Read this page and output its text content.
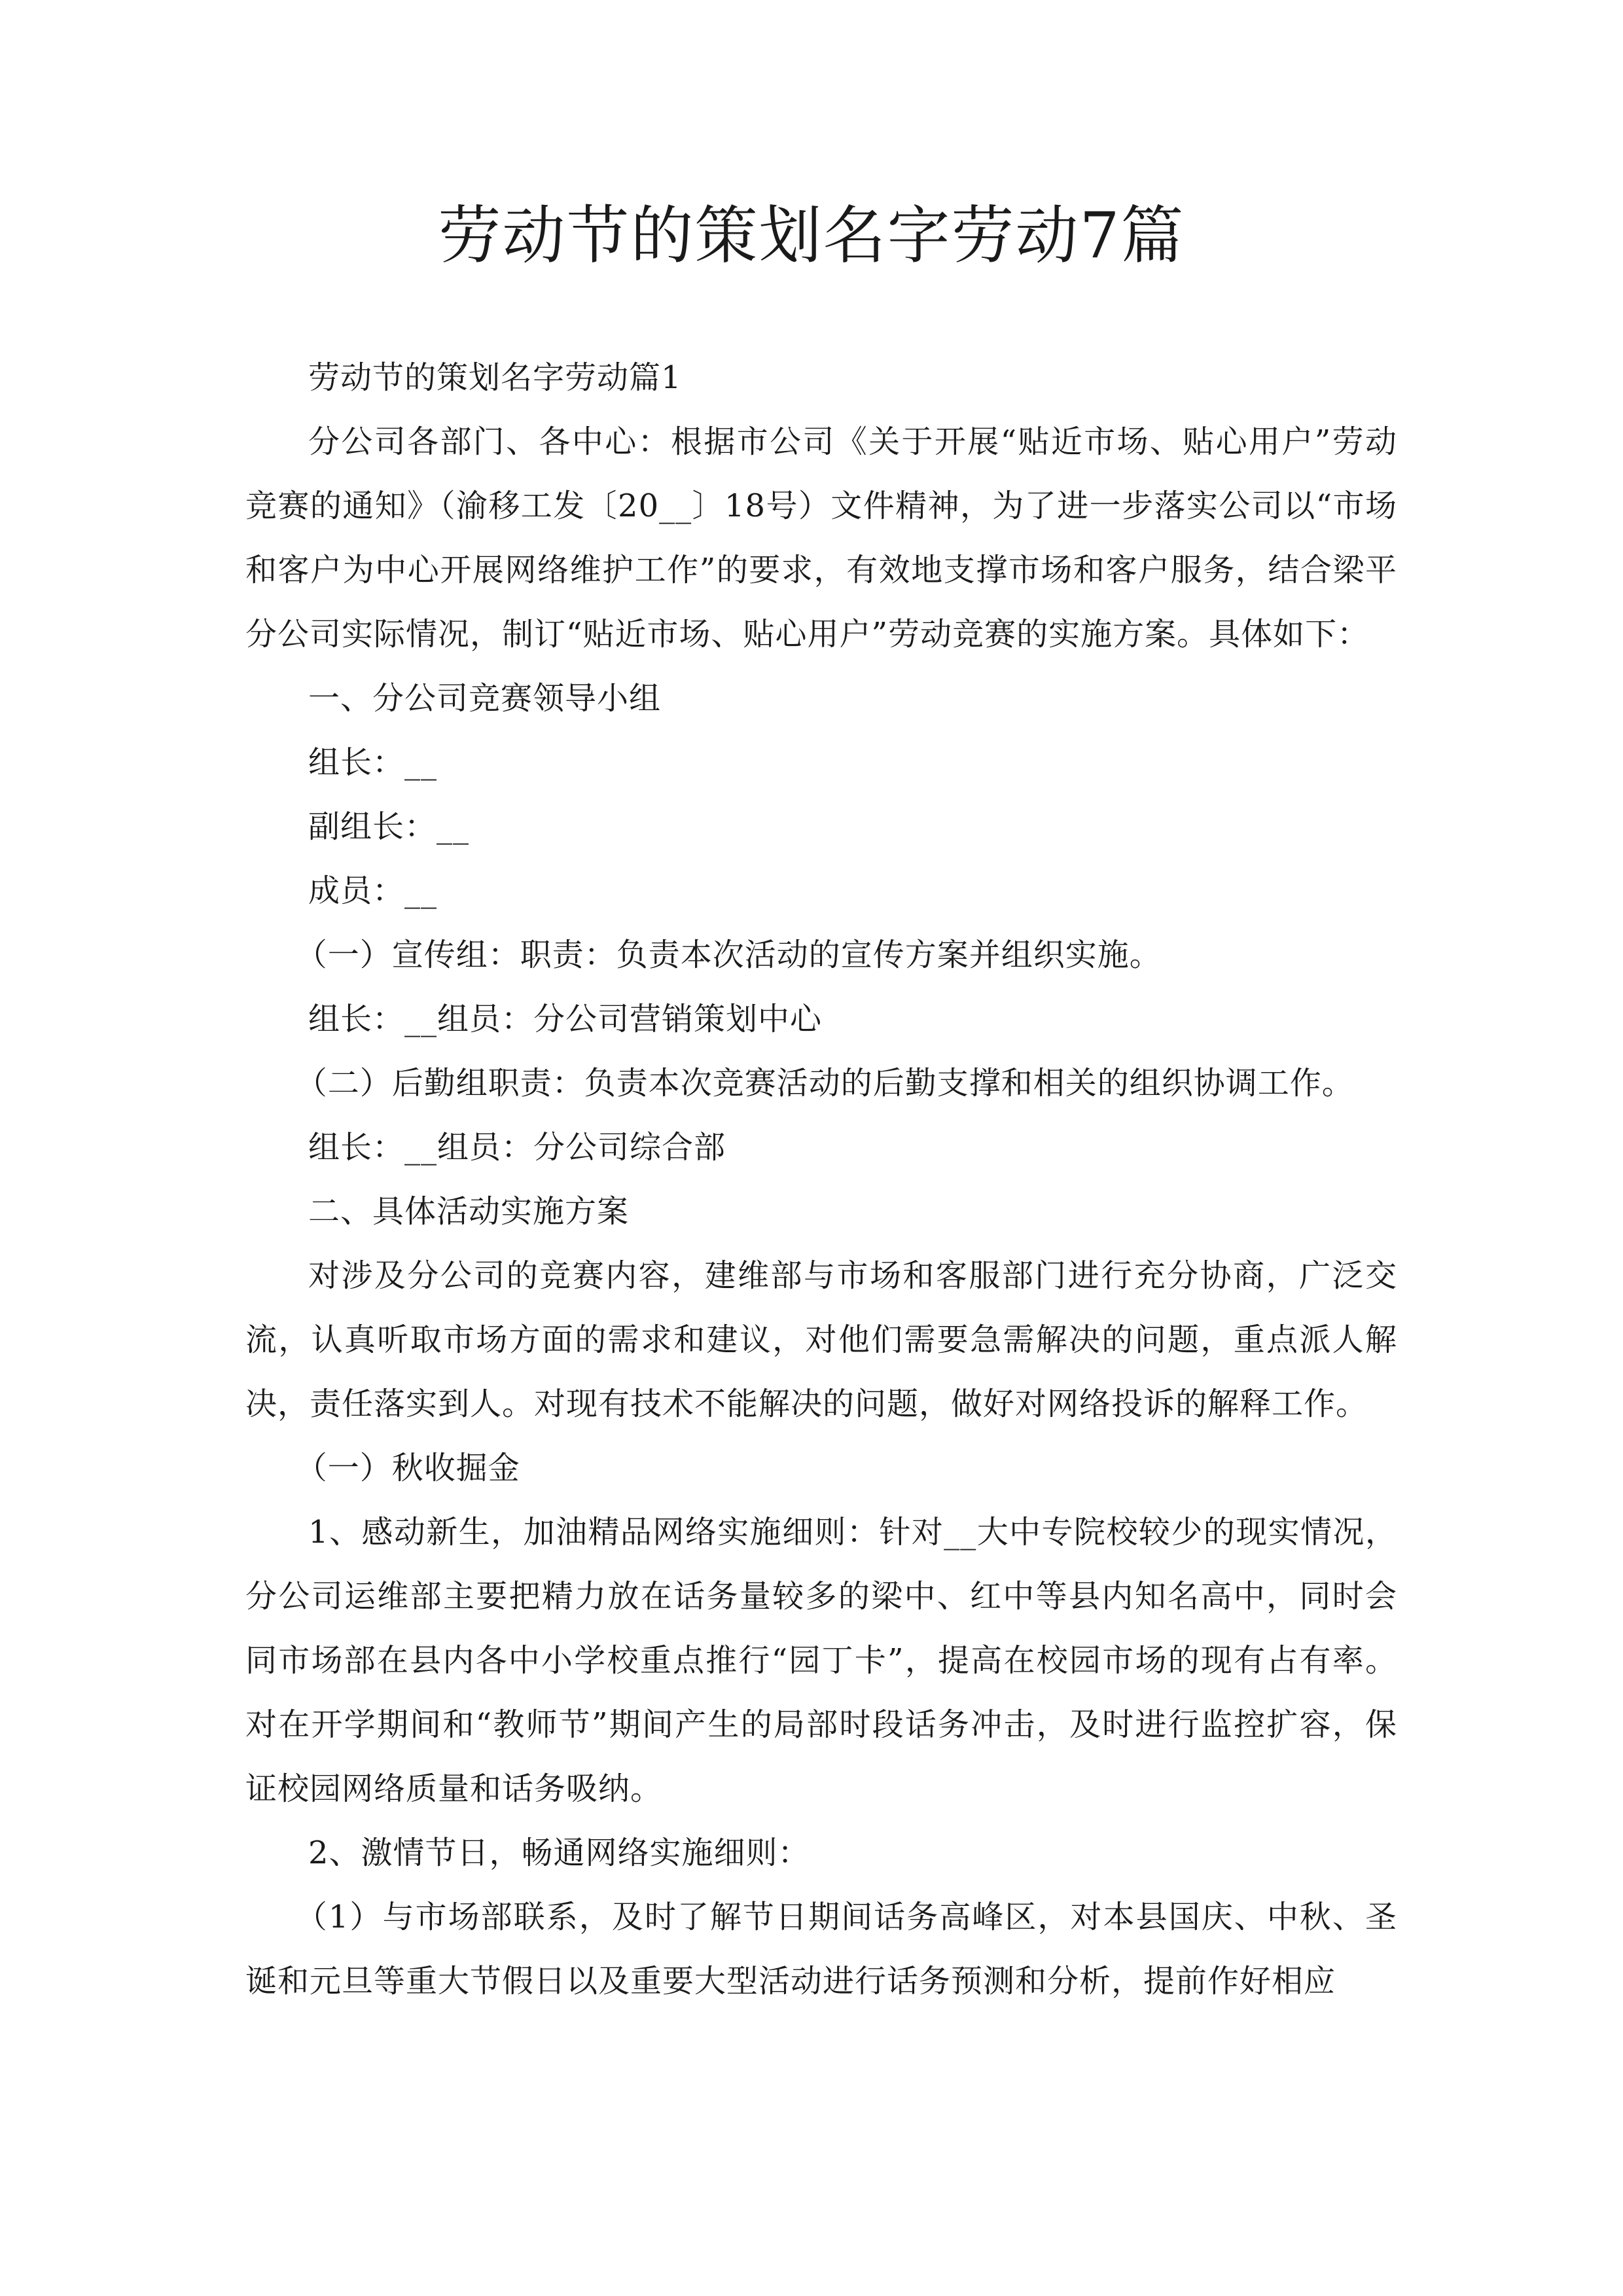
劳动节的策划名字劳动7篇

劳动节的策划名字劳动篇1

分公司各部门、各中心：根据市公司《关于开展“贴近市场、贴心用户”劳动竞赛的通知》（渝移工发〔20__〕18号）文件精神，为了进一步落实公司以“市场和客户为中心开展网络维护工作”的要求，有效地支撑市场和客户服务，结合梁平分公司实际情况，制订“贴近市场、贴心用户”劳动竞赛的实施方案。具体如下：

一、分公司竞赛领导小组

组长：__

副组长：__

成员：__

（一）宣传组：职责：负责本次活动的宣传方案并组织实施。

组长：__组员：分公司营销策划中心

（二）后勤组职责：负责本次竞赛活动的后勤支撑和相关的组织协调工作。

组长：__组员：分公司综合部

二、具体活动实施方案

对涉及分公司的竞赛内容，建维部与市场和客服部门进行充分协商，广泛交流，认真听取市场方面的需求和建议，对他们需要急需解决的问题，重点派人解决，责任落实到人。对现有技术不能解决的问题，做好对网络投诉的解释工作。

（一）秋收掘金

1、感动新生，加油精品网络实施细则：针对__大中专院校较少的现实情况，分公司运维部主要把精力放在话务量较多的梁中、红中等县内知名高中，同时会同市场部在县内各中小学校重点推行“园丁卡”，提高在校园市场的现有占有率。对在开学期间和“教师节”期间产生的局部时段话务冲击，及时进行监控扩容，保证校园网络质量和话务吸纳。

2、激情节日，畅通网络实施细则：

（1）与市场部联系，及时了解节日期间话务高峰区，对本县国庆、中秋、圣诞和元旦等重大节假日以及重要大型活动进行话务预测和分析，提前作好相应
